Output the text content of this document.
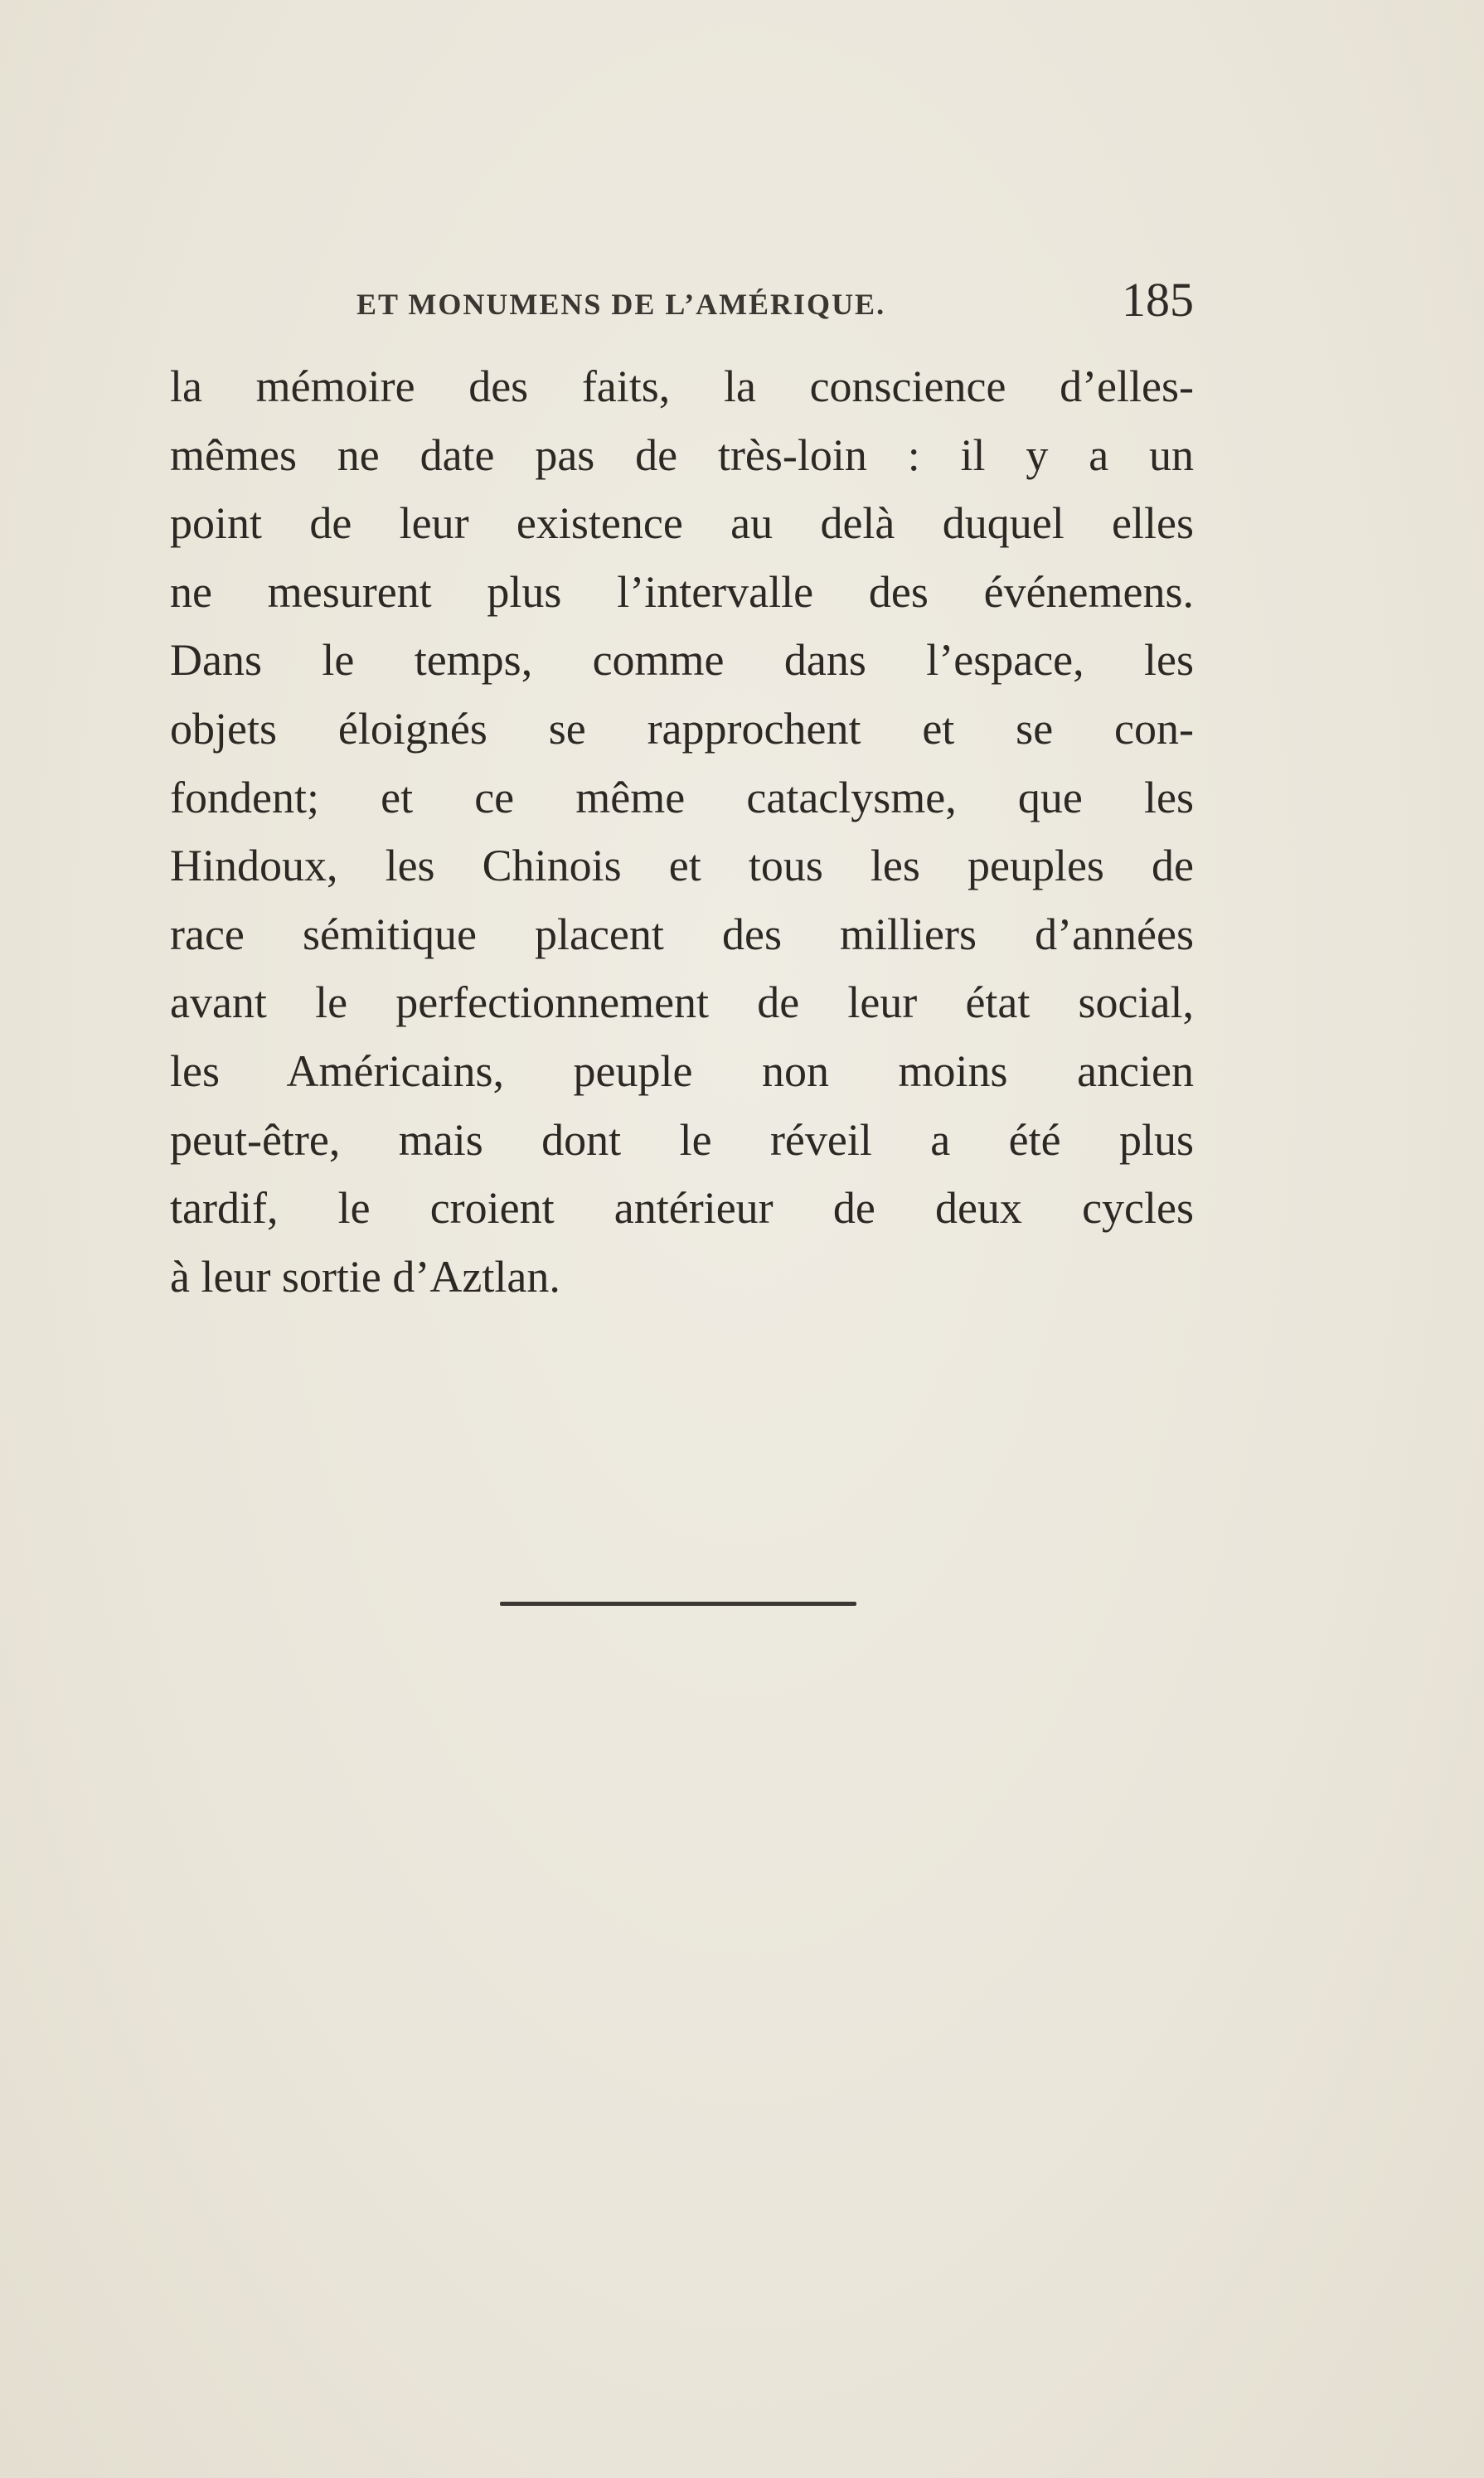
ET MONUMENS DE L’AMÉRIQUE.	185
la mémoire des faits, la conscience d’elles-
mêmes ne date pas de très-loin : il y a un
point de leur existence au delà duquel elles
ne mesurent plus l’intervalle des événemens.
Dans le temps, comme dans l’espace, les
objets éloignés se rapprochent et se con-
fondent; et ce même cataclysme, que les
Hindoux, les Chinois et tous les peuples de
race sémitique placent des milliers d’années
avant le perfectionnement de leur état social,
les Américains, peuple non moins ancien
peut-être, mais dont le réveil a été plus
tardif, le croient antérieur de deux cycles
à leur sortie d’Aztlan.
